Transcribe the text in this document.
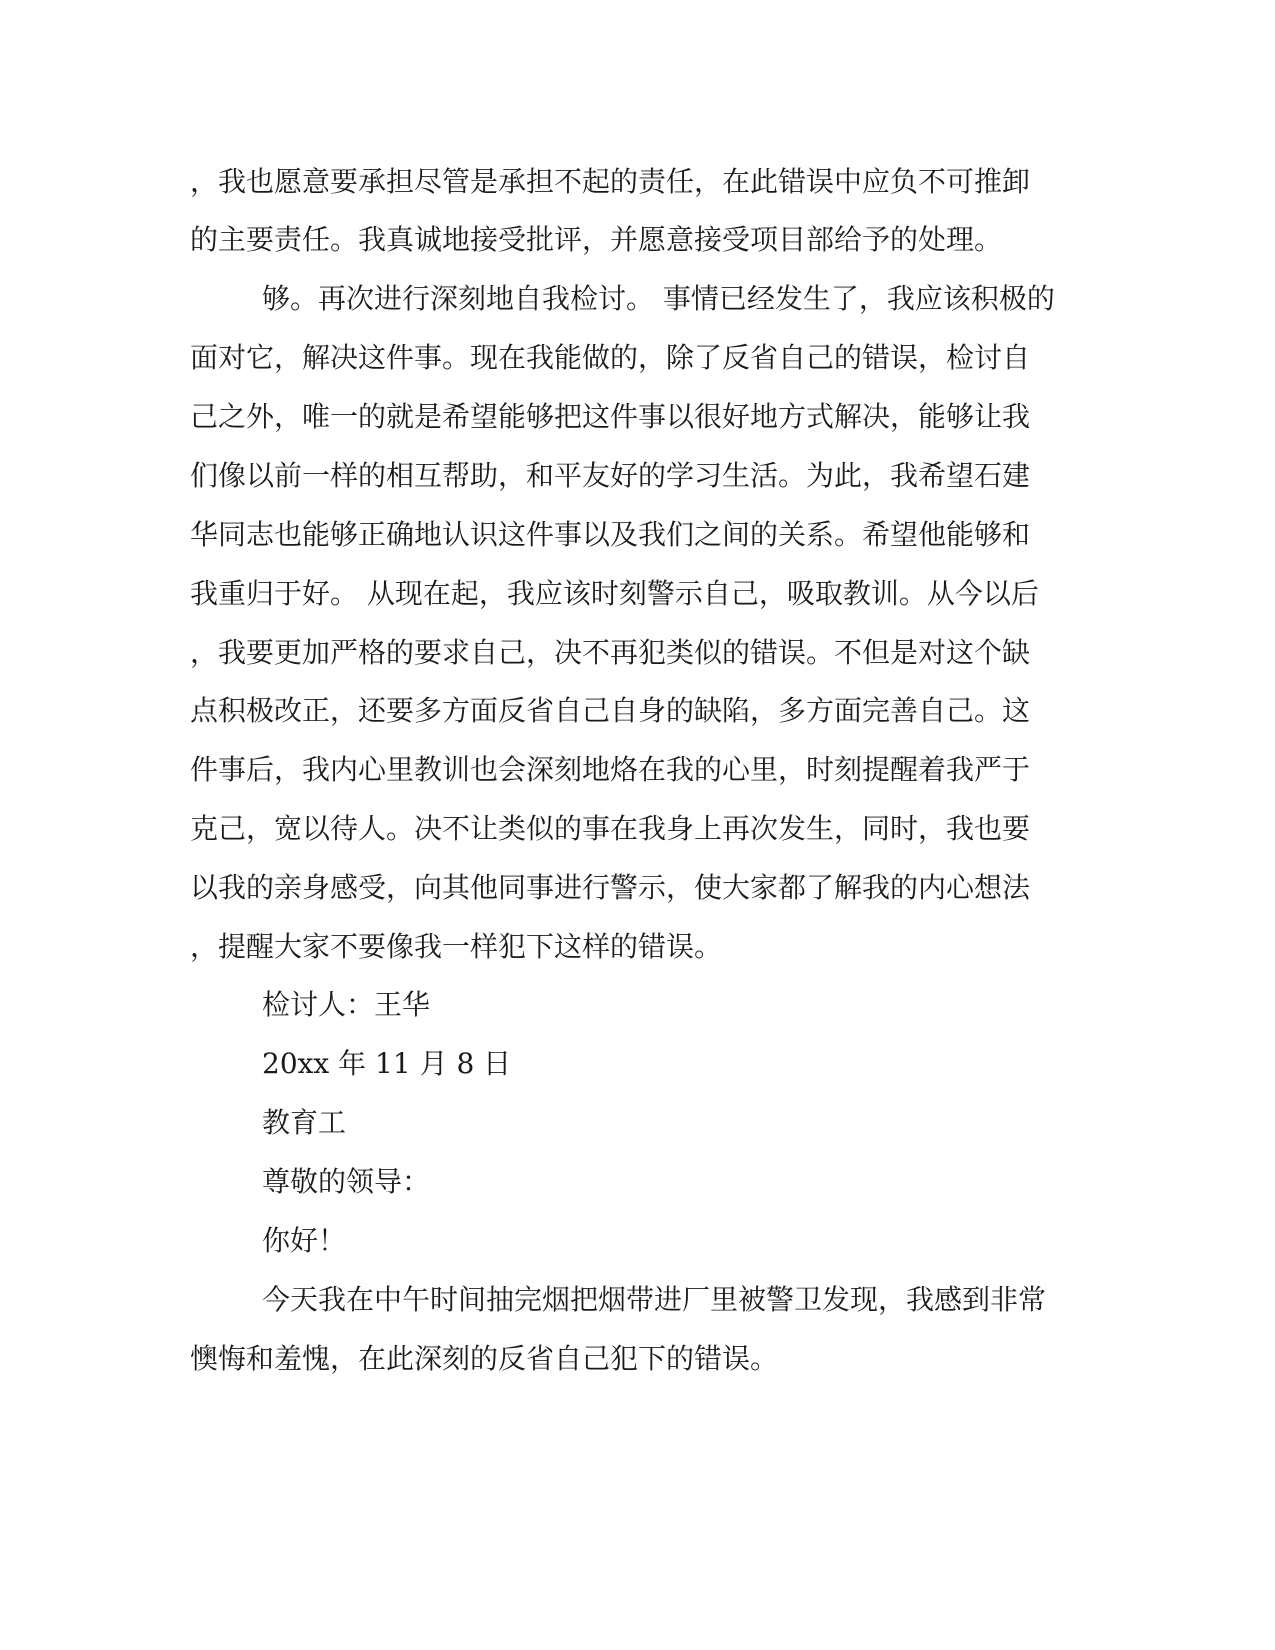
，我也愿意要承担尽管是承担不起的责任，在此错误中应负不可推卸
的主要责任。我真诚地接受批评，并愿意接受项目部给予的处理。
够。再次进行深刻地自我检讨。 事情已经发生了，我应该积极的
面对它，解决这件事。现在我能做的，除了反省自己的错误，检讨自
己之外，唯一的就是希望能够把这件事以很好地方式解决，能够让我
们像以前一样的相互帮助，和平友好的学习生活。为此，我希望石建
华同志也能够正确地认识这件事以及我们之间的关系。希望他能够和
我重归于好。 从现在起，我应该时刻警示自己，吸取教训。从今以后
，我要更加严格的要求自己，决不再犯类似的错误。不但是对这个缺
点积极改正，还要多方面反省自己自身的缺陷，多方面完善自己。这
件事后，我内心里教训也会深刻地烙在我的心里，时刻提醒着我严于
克己，宽以待人。决不让类似的事在我身上再次发生，同时，我也要
以我的亲身感受，向其他同事进行警示，使大家都了解我的内心想法
，提醒大家不要像我一样犯下这样的错误。
检讨人：王华
20xx 年 11 月 8 日
教育工
尊敬的领导：
你好！
今天我在中午时间抽完烟把烟带进厂里被警卫发现，我感到非常
懊悔和羞愧，在此深刻的反省自己犯下的错误。
